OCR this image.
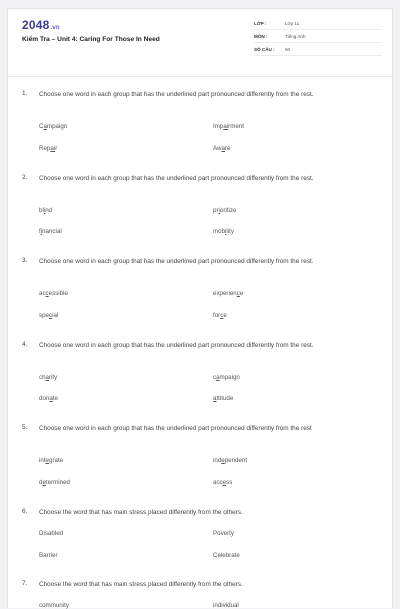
2048.vn
Kiểm Tra – Unit 4: Caring For Those In Need
LỚP :	Lớp 11
MÔN :	Tiếng Anh
SỐ CÂU : 50
1. Choose one word in each group that has the underlined part pronounced differently from the rest.
Campaign	Impairment
Repair	Aware
2. Choose one word in each group that has the underlined part pronounced differently from the rest.
blind	prioritize
financial	mobility
3. Choose one word in each group that has the underlined part pronounced differently from the rest.
accessible	experience
special	force
4. Choose one word in each group that has the underlined part pronounced differently from the rest.
charity	campaign
donate	attitude
5. Choose one word in each group that has the underlined part pronounced differently from the rest
integrate	independent
determined	access
6. Choose the word that has main stress placed differently from the others.
Disabled	Poverty
Barrier	Celebrate
7. Choose the word that has main stress placed differently from the others.
community	individual
